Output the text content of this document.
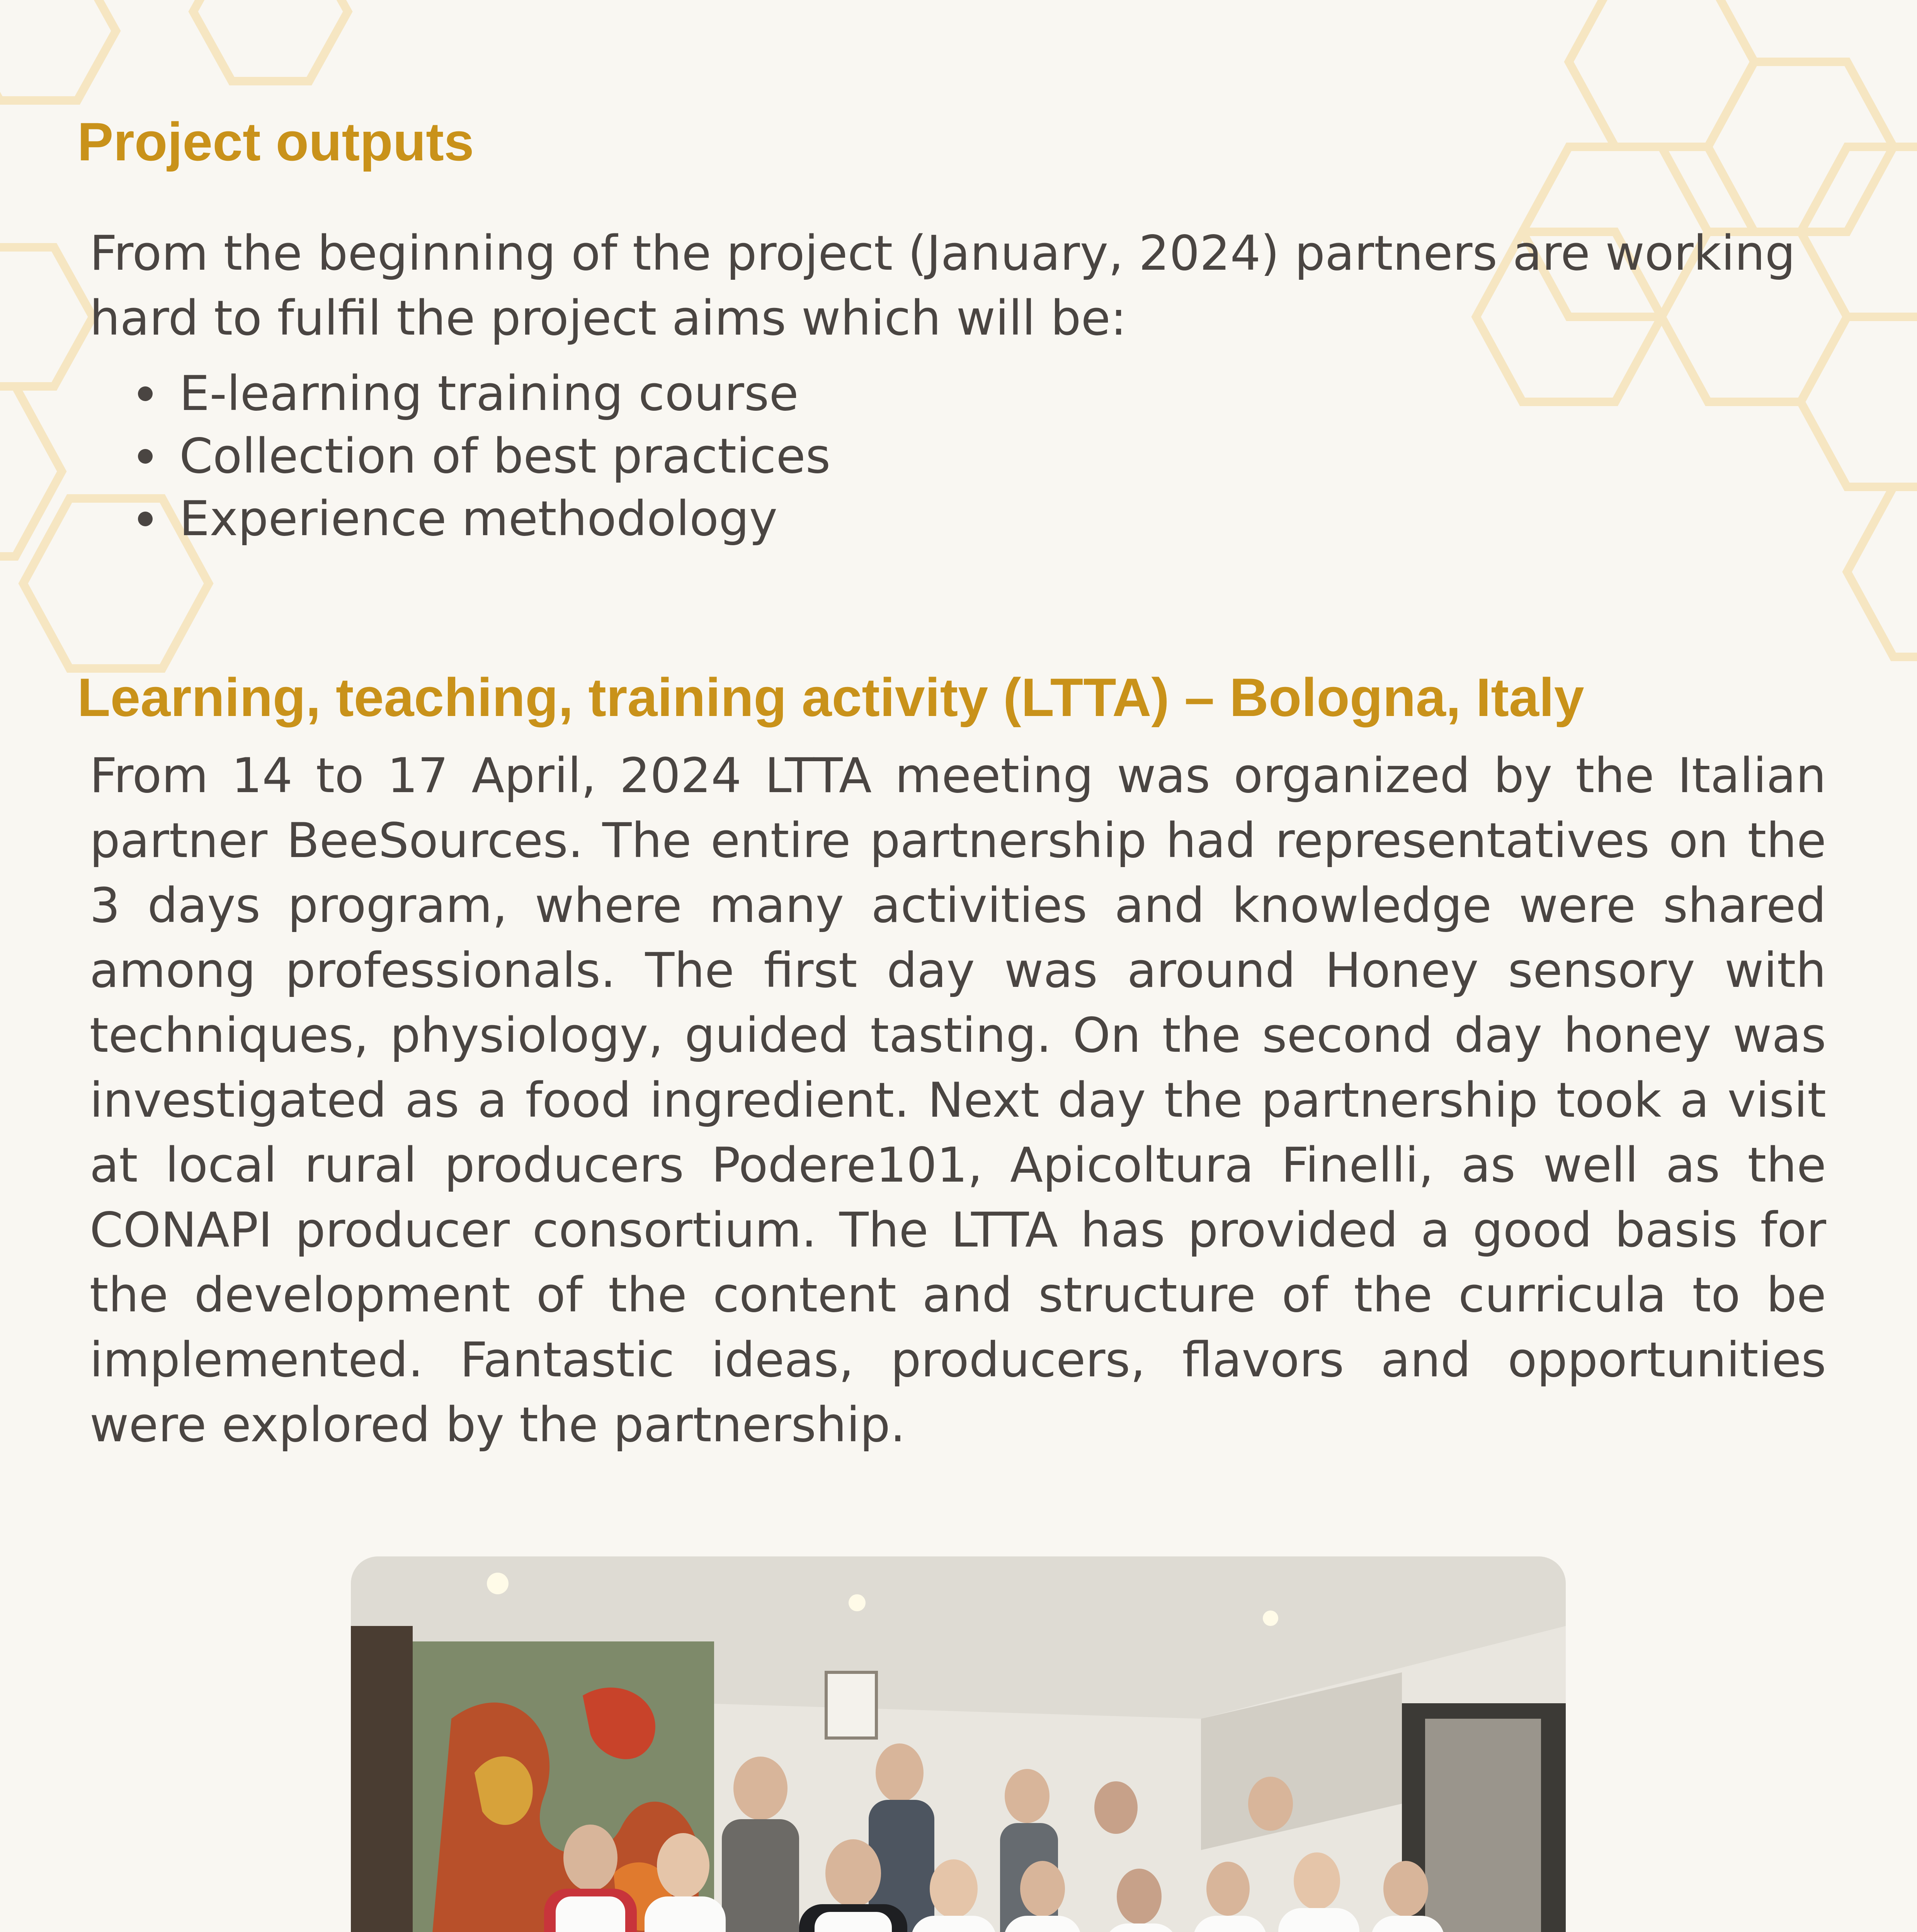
Project outputs

From the beginning of the project (January, 2024) partners are working hard to fulfil the project aims which will be:

E-learning training course
Collection of best practices
Experience methodology
Learning, teaching, training activity (LTTA) – Bologna, Italy

From 14 to 17 April, 2024 LTTA meeting was organized by the Italian partner BeeSources. The entire partnership had representatives on the 3 days program, where many activities and knowledge were shared among professionals. The first day was around Honey sensory with techniques, physiology, guided tasting. On the second day honey was investigated as a food ingredient. Next day the partnership took a visit at local rural producers Podere101, Apicoltura Finelli, as well as the CONAPI producer consortium. The LTTA has provided a good basis for the development of the content and structure of the curricula to be implemented. Fantastic ideas, producers, flavors and opportunities were explored by the partnership.
